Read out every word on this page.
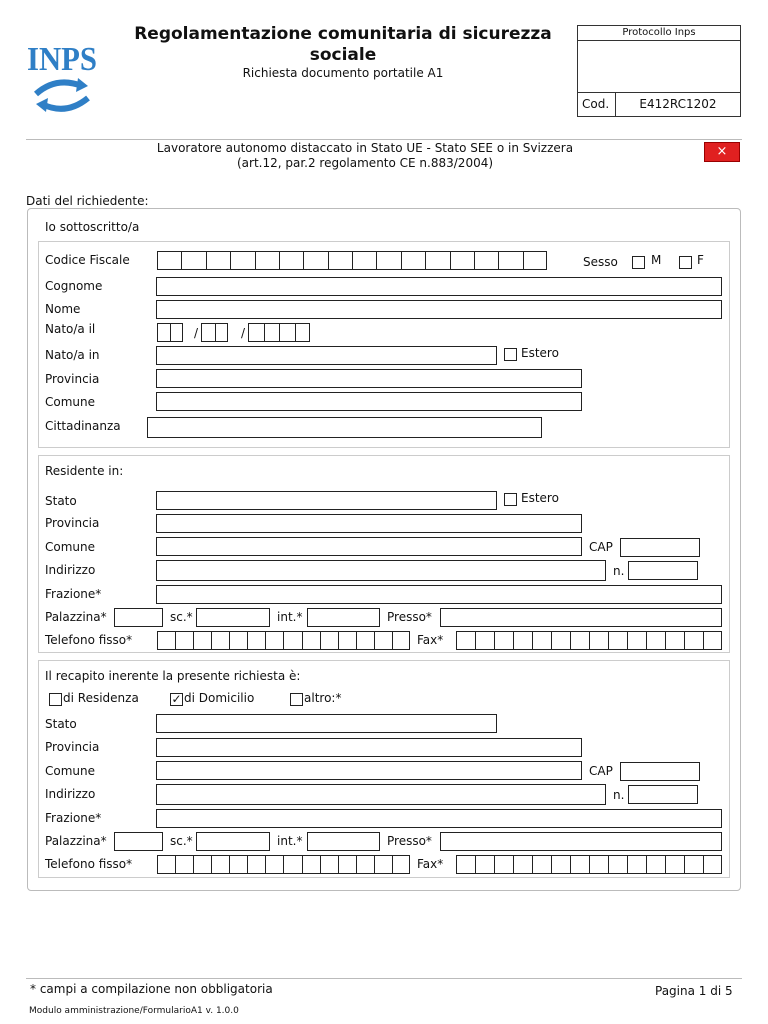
INPS
Regolamentazione comunitaria di sicurezza sociale
Richiesta documento portatile A1
Protocollo Inps
Cod.	E412RC1202
Lavoratore autonomo distaccato in Stato UE - Stato SEE o in Svizzera
(art.12, par.2 regolamento CE n.883/2004)
×
Dati del richiedente:
Io sottoscritto/a
Codice Fiscale	Sesso	M	F
Cognome
Nome
Nato/a il	/	/
Nato/a in	Estero
Provincia
Comune
Cittadinanza
Residente in:
Stato	Estero
Provincia
Comune	CAP
Indirizzo	n.
Frazione*
Palazzina*	sc.*	int.*	Presso*
Telefono fisso*	Fax*
Il recapito inerente la presente richiesta è:
di Residenza	✓ di Domicilio	altro:*
Stato
Provincia
Comune	CAP
Indirizzo	n.
Frazione*
Palazzina*	sc.*	int.*	Presso*
Telefono fisso*	Fax*
* campi a compilazione non obbligatoria	Pagina 1 di 5
Modulo amministrazione/FormularioA1 v. 1.0.0
